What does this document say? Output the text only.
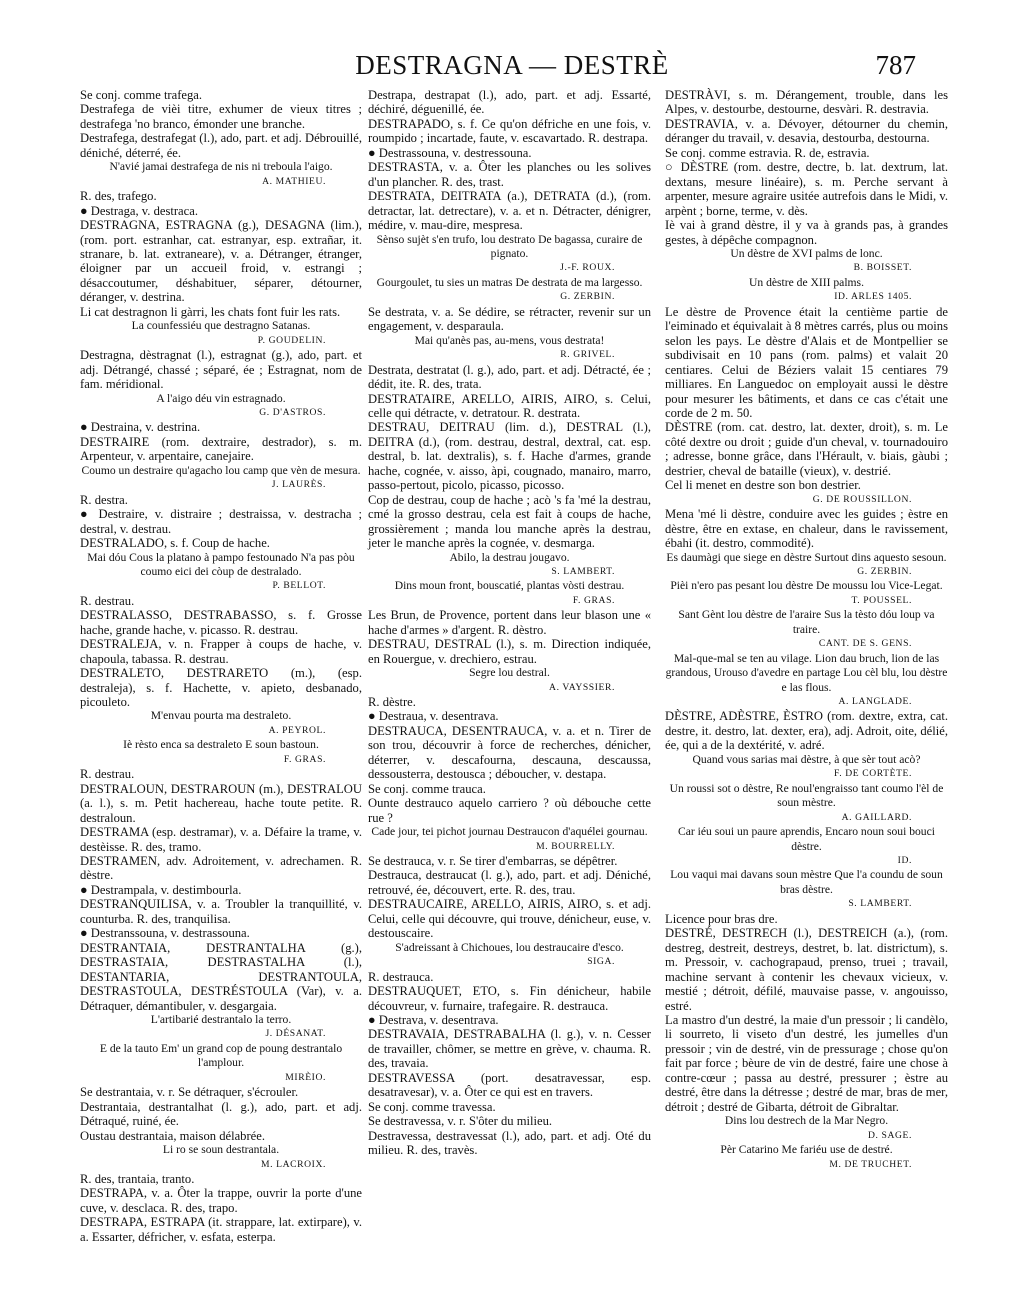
DESTRAGNA — DESTRÈ	787

Se conj. comme trafega.

Destrafega de vièi titre, exhumer de vieux titres ; destrafega 'no branco, émonder une branche.

Destrafega, destrafegat (l.), ado, part. et adj. Débrouillé, déniché, déterré, ée.

N'avié jamai destrafega de nis ni treboula l'aigo.

A. MATHIEU.

R. des, trafego.

● Destraga, v. destraca.

DESTRAGNA, ESTRAGNA (g.), DESAGNA (lim.), (rom. port. estranhar, cat. estranyar, esp. extrañar, it. stranare, b. lat. extraneare), v. a. Détranger, étranger, éloigner par un accueil froid, v. estrangi ; désaccoutumer, déshabituer, séparer, détourner, déranger, v. destrina.

Li cat destragnon li gàrri, les chats font fuir les rats.

La counfessiéu que destragno Satanas.

P. GOUDELIN.

Destragna, dèstragnat (l.), estragnat (g.), ado, part. et adj. Détrangé, chassé ; séparé, ée ; Estragnat, nom de fam. méridional.

A l'aigo déu vin estragnado.

G. D'ASTROS.

● Destraina, v. destrina.

DESTRAIRE (rom. dextraire, destrador), s. m. Arpenteur, v. arpentaire, canejaire.

Coumo un destraire qu'agacho lou camp que vèn de mesura.

J. LAURÈS.

R. destra.

● Destraire, v. distraire ; destraissa, v. destracha ; destral, v. destrau.

DESTRALADO, s. f. Coup de hache.

Mai dóu Cous la platano à pampo festounado N'a pas pòu coumo eici dei còup de destralado.

P. BELLOT.

R. destrau.

DESTRALASSO, DESTRABASSO, s. f. Grosse hache, grande hache, v. picasso. R. destrau.

DESTRALEJA, v. n. Frapper à coups de hache, v. chapoula, tabassa. R. destrau.

DESTRALETO, DESTRARETO (m.), (esp. destraleja), s. f. Hachette, v. apieto, desbanado, picouleto.

M'envau pourta ma destraleto.

A. PEYROL.

Iè rèsto enca sa destraleto E soun bastoun.

F. GRAS.

R. destrau.

DESTRALOUN, DESTRAROUN (m.), DESTRALOU (a. l.), s. m. Petit hachereau, hache toute petite. R. destraloun.

DESTRAMA (esp. destramar), v. a. Défaire la trame, v. destèisse. R. des, tramo.

DESTRAMEN, adv. Adroitement, v. adrechamen. R. dèstre.

● Destrampala, v. destimbourla.

DESTRANQUILISA, v. a. Troubler la tranquillité, v. counturba. R. des, tranquilisa.

● Destranssouna, v. destrassouna.

DESTRANTAIA, DESTRANTALHA (g.), DESTRASTAIA, DESTRASTALHA (l.), DESTANTARIA, DESTRANTOULA, DESTRASTOULA, DESTRÉSTOULA (Var), v. a. Détraquer, démantibuler, v. desgargaia.

L'artibarié destrantalo la terro.

J. DÉSANAT.

E de la tauto Em' un grand cop de poung destrantalo l'amplour.

MIRÈIO.

Se destrantaia, v. r. Se détraquer, s'écrouler.

Destrantaia, destrantalhat (l. g.), ado, part. et adj. Détraqué, ruiné, ée.

Oustau destrantaia, maison délabrée.

Li ro se soun destrantala.

M. LACROIX.

R. des, trantaia, tranto.

DESTRAPA, v. a. Ôter la trappe, ouvrir la porte d'une cuve, v. desclaca. R. des, trapo.

DESTRAPA, ESTRAPA (it. strappare, lat. extirpare), v. a. Essarter, défricher, v. esfata, esterpa.

Destrapa, destrapat (l.), ado, part. et adj. Essarté, déchiré, déguenillé, ée.

DESTRAPADO, s. f. Ce qu'on défriche en une fois, v. roumpido ; incartade, faute, v. escavartado. R. destrapa.

● Destrassouna, v. destressouna.

DESTRASTA, v. a. Ôter les planches ou les solives d'un plancher. R. des, trast.

DESTRATA, DEITRATA (a.), DETRATA (d.), (rom. detractar, lat. detrectare), v. a. et n. Détracter, dénigrer, médire, v. mau-dire, mespresa.

Sènso sujèt s'en trufo, lou destrato De bagassa, curaire de pignato.

J.-F. ROUX.

Gourgoulet, tu sies un matras De destrata de ma largesso.

G. ZERBIN.

Se destrata, v. a. Se dédire, se rétracter, revenir sur un engagement, v. desparaula.

Mai qu'anès pas, au-mens, vous destrata!

R. GRIVEL.

Destrata, destratat (l. g.), ado, part. et adj. Détracté, ée ; dédit, ite. R. des, trata.

DESTRATAIRE, ARELLO, AIRIS, AIRO, s. Celui, celle qui détracte, v. detratour. R. destrata.

DESTRAU, DEITRAU (lim. d.), DESTRAL (l.), DEITRA (d.), (rom. destrau, destral, dextral, cat. esp. destral, b. lat. dextralis), s. f. Hache d'armes, grande hache, cognée, v. aisso, àpi, cougnado, manairo, marro, passo-pertout, picolo, picasso, picosso.

Cop de destrau, coup de hache ; acò 's fa 'mé la destrau, cmé la grosso destrau, cela est fait à coups de hache, grossièrement ; manda lou manche après la destrau, jeter le manche après la cognée, v. desmarga.

Abilo, la destrau jougavo.

S. LAMBERT.

Dins moun front, bouscatié, plantas vòsti destrau.

F. GRAS.

Les Brun, de Provence, portent dans leur blason une « hache d'armes » d'argent. R. dèstro.

DESTRAU, DESTRAL (l.), s. m. Direction indiquée, en Rouergue, v. drechiero, estrau.

Segre lou destral.

A. VAYSSIER.

R. dèstre.

● Destraua, v. desentrava.

DESTRAUCA, DESENTRAUCA, v. a. et n. Tirer de son trou, découvrir à force de recherches, dénicher, déterrer, v. descafourna, descauna, descaussa, dessousterra, destousca ; déboucher, v. destapa.

Se conj. comme trauca.

Ounte destrauco aquelo carriero ? où débouche cette rue ?

Cade jour, tei pichot journau Destraucon d'aquélei gournau.

M. BOURRELLY.

Se destrauca, v. r. Se tirer d'embarras, se dépêtrer.

Destrauca, destraucat (l. g.), ado, part. et adj. Déniché, retrouvé, ée, découvert, erte. R. des, trau.

DESTRAUCAIRE, ARELLO, AIRIS, AIRO, s. et adj. Celui, celle qui découvre, qui trouve, dénicheur, euse, v. destouscaire.

S'adreissant à Chichoues, lou destraucaire d'esco.

SIGA.

R. destrauca.

DESTRAUQUET, ETO, s. Fin dénicheur, habile découvreur, v. furnaire, trafegaire. R. destrauca.

● Destrava, v. desentrava.

DESTRAVAIA, DESTRABALHA (l. g.), v. n. Cesser de travailler, chômer, se mettre en grève, v. chauma. R. des, travaia.

DESTRAVESSA (port. desatravessar, esp. desatravesar), v. a. Ôter ce qui est en travers.

Se conj. comme travessa.

Se destravessa, v. r. S'ôter du milieu.

Destravessa, destravessat (l.), ado, part. et adj. Oté du milieu. R. des, travès.

DESTRÀVI, s. m. Dérangement, trouble, dans les Alpes, v. destourbe, destourne, desvàri. R. destravia.

DESTRAVIA, v. a. Dévoyer, détourner du chemin, déranger du travail, v. desavia, destourba, destourna.

Se conj. comme estravia. R. de, estravia.

○ DÈSTRE (rom. destre, dectre, b. lat. dextrum, lat. dextans, mesure linéaire), s. m. Perche servant à arpenter, mesure agraire usitée autrefois dans le Midi, v. arpènt ; borne, terme, v. dès.

Iè vai à grand dèstre, il y va à grands pas, à grandes gestes, à dépêche compagnon.

Un dèstre de XVI palms de lonc.

B. BOISSET.

Un dèstre de XIII palms.

ID. ARLES 1405.

Le dèstre de Provence était la centième partie de l'eiminado et équivalait à 8 mètres carrés, plus ou moins selon les pays. Le dèstre d'Alais et de Montpellier se subdivisait en 10 pans (rom. palms) et valait 20 centiares. Celui de Béziers valait 15 centiares 79 milliares. En Languedoc on employait aussi le dèstre pour mesurer les bâtiments, et dans ce cas c'était une corde de 2 m. 50.

DÈSTRE (rom. cat. destro, lat. dexter, droit), s. m. Le côté dextre ou droit ; guide d'un cheval, v. tournadouiro ; adresse, bonne grâce, dans l'Hérault, v. biais, gàubi ; destrier, cheval de bataille (vieux), v. destrié.

Cel li menet en destre son bon destrier.

G. DE ROUSSILLON.

Mena 'mé li dèstre, conduire avec les guides ; èstre en dèstre, être en extase, en chaleur, dans le ravissement, ébahi (it. destro, commodité).

Es daumàgi que siege en dèstre Surtout dins aquesto sesoun.

G. ZERBIN.

Pièi n'ero pas pesant lou dèstre De moussu lou Vice-Legat.

T. POUSSEL.

Sant Gènt lou dèstre de l'araire Sus la tèsto dóu loup va traire.

CANT. DE S. GENS.

Mal-que-mal se ten au vilage. Lion dau bruch, lion de las grandous, Urouso d'avedre en partage Lou cèl blu, lou dèstre e las flous.

A. LANGLADE.

DÈSTRE, ADÈSTRE, ÈSTRO (rom. dextre, extra, cat. destre, it. destro, lat. dexter, era), adj. Adroit, oite, délié, ée, qui a de la dextérité, v. adré.

Quand vous sarias mai dèstre, à que sèr tout acò?

F. DE CORTÈTE.

Un roussi sot o dèstre, Re noul'engraisso tant coumo l'èl de soun mèstre.

A. GAILLARD.

Car iéu soui un paure aprendis, Encaro noun soui bouci dèstre.

ID.

Lou vaqui mai davans soun mèstre Que l'a coundu de soun bras dèstre.

S. LAMBERT.

Licence pour bras dre.

DESTRÉ, DESTRECH (l.), DESTREICH (a.), (rom. destreg, destreit, destreys, destret, b. lat. districtum), s. m. Pressoir, v. cachograpaud, prenso, truei ; travail, machine servant à contenir les chevaux vicieux, v. mestié ; détroit, défilé, mauvaise passe, v. angouisso, estré.

La mastro d'un destré, la maie d'un pressoir ; li candèlo, li sourreto, li viseto d'un destré, les jumelles d'un pressoir ; vin de destré, vin de pressurage ; chose qu'on fait par force ; bèure de vin de destré, faire une chose à contre-cœur ; passa au destré, pressurer ; èstre au destré, être dans la détresse ; destré de mar, bras de mer, détroit ; destré de Gibarta, détroit de Gibraltar.

Dins lou destrech de la Mar Negro.

D. SAGE.

Pèr Catarino Me fariéu use de destré.

M. DE TRUCHET.
